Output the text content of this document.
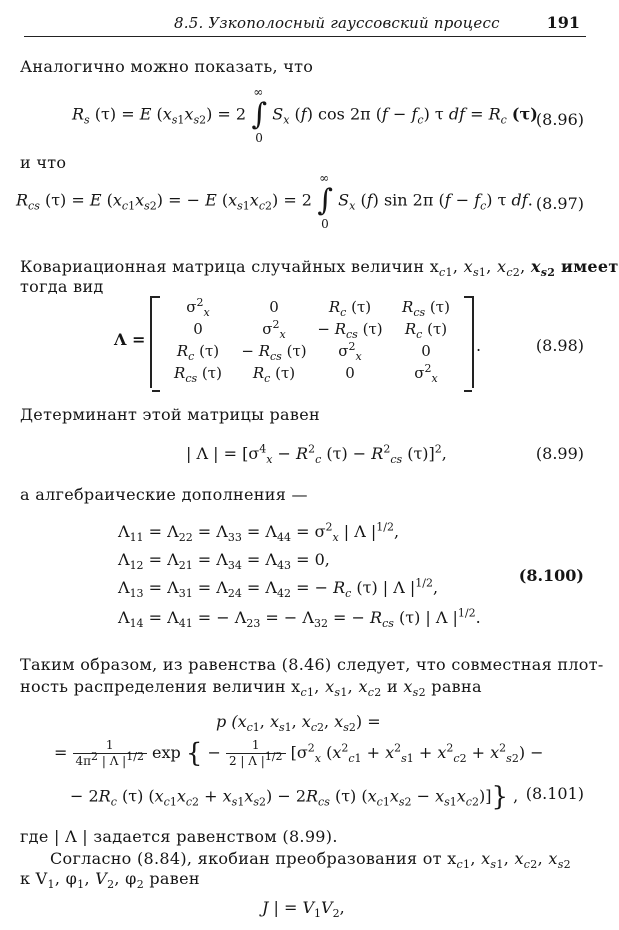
8.5. Узкополосный гауссовский процесс	191
Аналогично можно показать, что
$R_s$ (τ) = E $(x_{s1}x_{s2}) = 2$ ∫
∞
0
$S_x$ (f) cos 2π $(f - f_c)$ τ df = $R_c$ (τ)
(8.96)
и что
$R_{cs}$ (τ) = E $(x_{c1}x_{s2})$ = − E $(x_{s1}x_{c2}) = 2$ ∫
∞
0
$S_x$ (f) sin 2π $(f - f_c)$ τ df. (8.97)
Ковариационная матрица случайных величин $x_{c1}$, $x_{s1}$, $x_{c2}$, $x_{s2}$ имеет
тогда вид
Λ =
$\sigma^2_x$	0	$R_c$ (τ)	$R_{cs}$ (τ)
0	$\sigma^2_x$	− $R_{cs}$ (τ)	$R_c$ (τ)
$R_c$ (τ)	− $R_{cs}$ (τ)	$\sigma^2_x$	0
$R_{cs}$ (τ)	$R_c$ (τ)	0	$\sigma^2_x$
.	(8.98)
Детерминант этой матрицы равен
| Λ | = [$\sigma^4_x - R^2_c$ $(\tau) - R^2_{cs}$ (τ)]$^2$,	(8.99)
а алгебраические дополнения —
$\Lambda_{11} = \Lambda_{22} = \Lambda_{33} = \Lambda_{44} = \sigma^2_x$ | Λ $|^{1/2}$,
$\Lambda_{12} = \Lambda_{21} = \Lambda_{34} = \Lambda_{43} = 0$,
$\Lambda_{13} = \Lambda_{31} = \Lambda_{24} = \Lambda_{42}$ = − $R_c$ (τ) | Λ $|^{1/2}$,
$\Lambda_{14} = \Lambda_{41}$ = − $\Lambda_{23}$ = − $\Lambda_{32}$ = − $R_{cs}$ (τ) | Λ $|^{1/2}$.
(8.100)
Таким образом, из равенства (8.46) следует, что совместная плот-
ность распределения величин $x_{c1}$, $x_{s1}$, $x_{c2}$ и $x_{s2}$ равна
p ($x_{c1}$, $x_{s1}$, $x_{c2}$, $x_{s2}$) =
= $\frac{1}{4\pi^2 | \Lambda |^{1/2}}$ exp { − $\frac{1}{2 | \Lambda |^{1/2}} [\sigma^2_x$ $(x^2_{c1} + x^2_{s1} + x^2_{c2} + x^2_{s2})$ −
− $2R_c$ (τ) $(x_{c1}x_{c2} + x_{s1}x_{s2}) - 2R_{cs}$ (τ) $(x_{c1}x_{s2} - x_{s1}x_{c2})$]} , (8.101)
где | Λ | задается равенством (8.99).
Согласно (8.84), якобиан преобразования от $x_{c1}$, $x_{s1}$, $x_{c2}$, $x_{s2}$
к $V_1$, $\varphi_1$, $V_2$, $\varphi_2$ равен
J | = $V_1V_2$,
